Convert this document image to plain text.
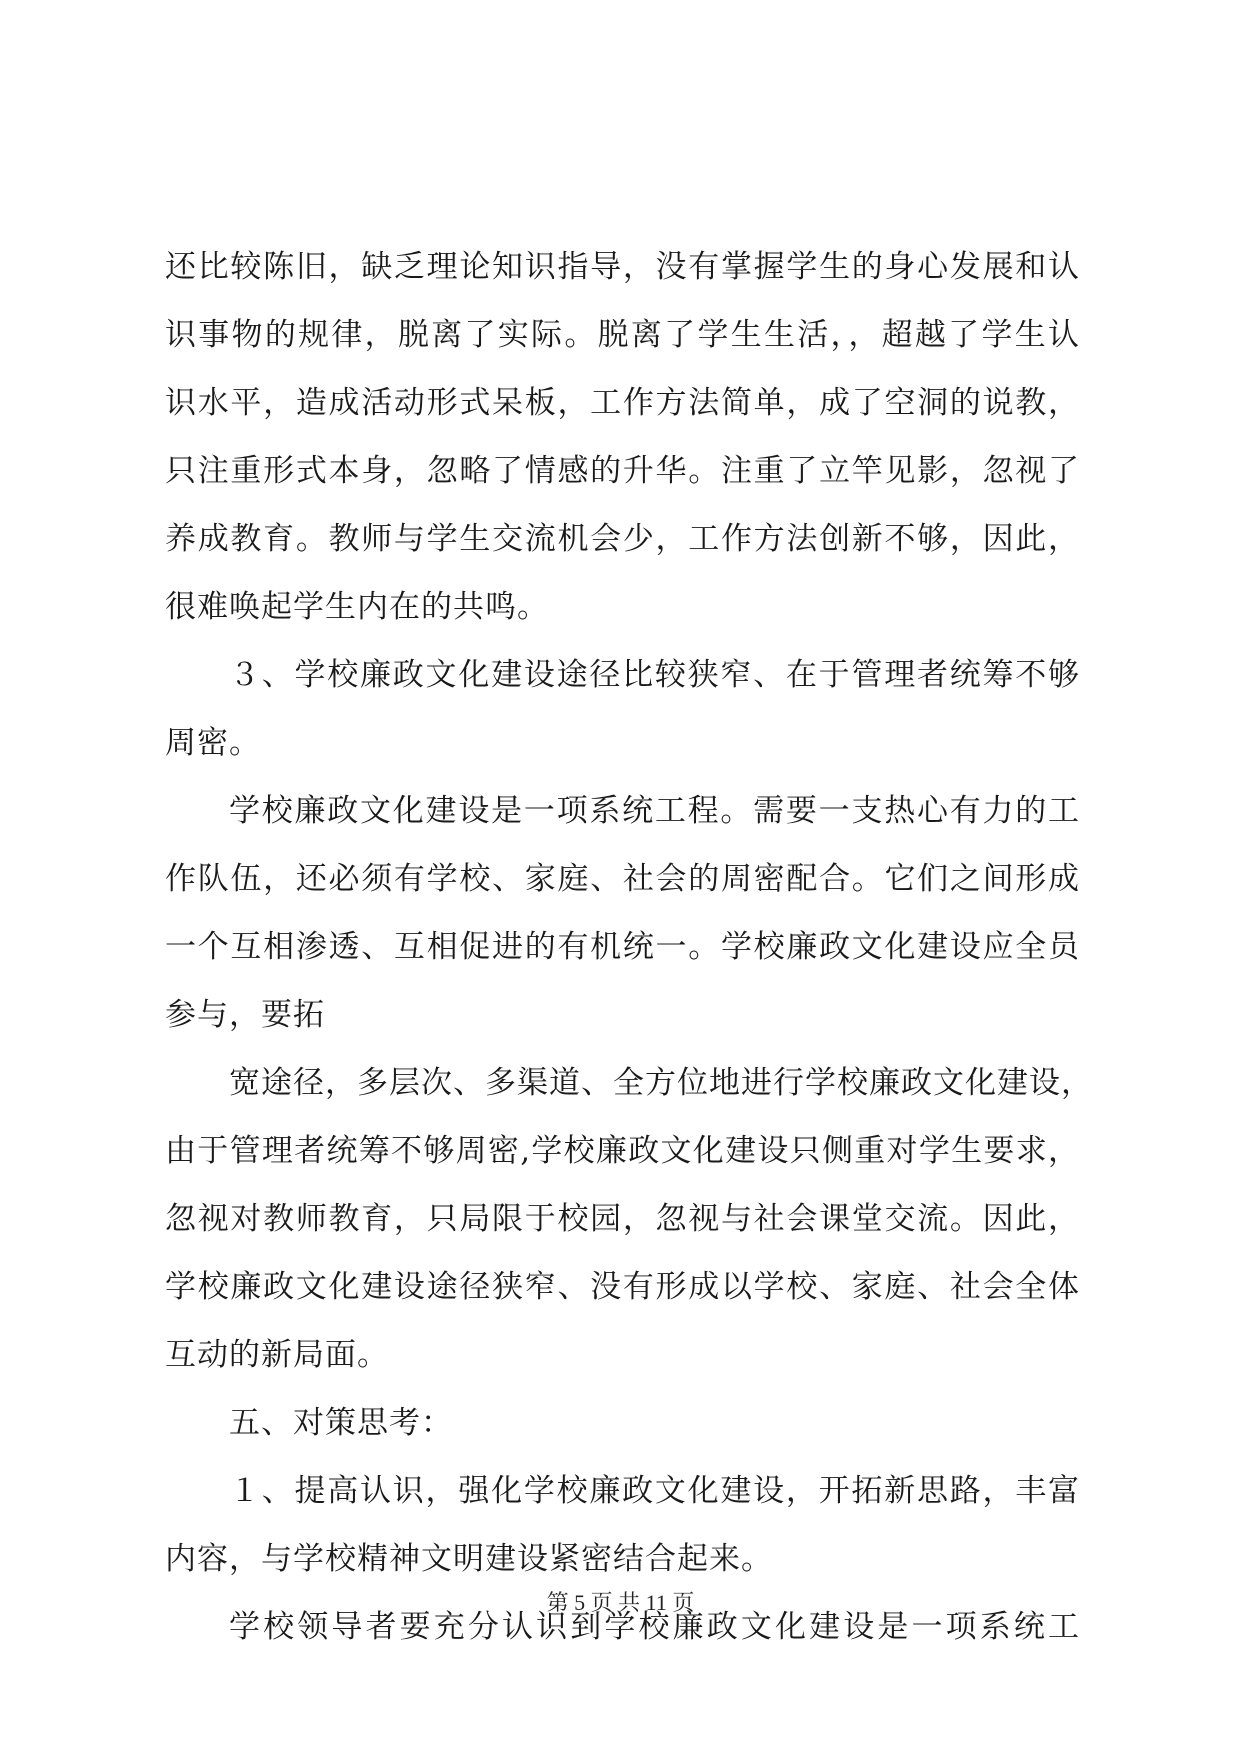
还比较陈旧，缺乏理论知识指导，没有掌握学生的身心发展和认
识事物的规律，脱离了实际。脱离了学生生活，，超越了学生认
识水平，造成活动形式呆板，工作方法简单，成了空洞的说教，
只注重形式本身，忽略了情感的升华。注重了立竿见影，忽视了
养成教育。教师与学生交流机会少，工作方法创新不够，因此，
很难唤起学生内在的共鸣。
３、学校廉政文化建设途径比较狭窄、在于管理者统筹不够
周密。
学校廉政文化建设是一项系统工程。需要一支热心有力的工
作队伍，还必须有学校、家庭、社会的周密配合。它们之间形成
一个互相渗透、互相促进的有机统一。学校廉政文化建设应全员
参与，要拓
宽途径，多层次、多渠道、全方位地进行学校廉政文化建设，
由于管理者统筹不够周密,学校廉政文化建设只侧重对学生要求，
忽视对教师教育，只局限于校园，忽视与社会课堂交流。因此，
学校廉政文化建设途径狭窄、没有形成以学校、家庭、社会全体
互动的新局面。
五、对策思考：
１、提高认识，强化学校廉政文化建设，开拓新思路，丰富
内容，与学校精神文明建设紧密结合起来。
学校领导者要充分认识到学校廉政文化建设是一项系统工
第 5 页 共 11 页
